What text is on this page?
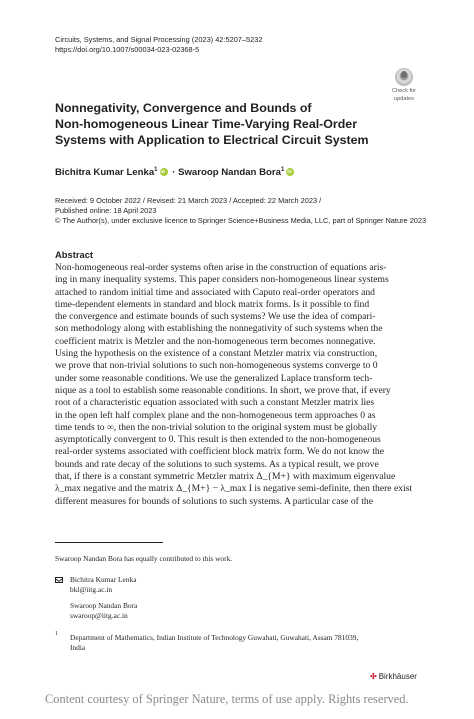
Circuits, Systems, and Signal Processing (2023) 42:5207–5232
https://doi.org/10.1007/s00034-023-02368-5
Check for
updates
Nonnegativity, Convergence and Bounds of
Non-homogeneous Linear Time-Varying Real-Order
Systems with Application to Electrical Circuit System
Bichitra Kumar Lenka$^1$iD · Swaroop Nandan Bora$^1$iD
Received: 9 October 2022 / Revised: 21 March 2023 / Accepted: 22 March 2023 /
Published online: 18 April 2023
© The Author(s), under exclusive licence to Springer Science+Business Media, LLC, part of Springer Nature 2023
Abstract
Non-homogeneous real-order systems often arise in the construction of equations aris-
ing in many inequality systems. This paper considers non-homogeneous linear systems
attached to random initial time and associated with Caputo real-order operators and
time-dependent elements in standard and block matrix forms. Is it possible to find
the convergence and estimate bounds of such systems? We use the idea of compari-
son methodology along with establishing the nonnegativity of such systems when the
coefficient matrix is Metzler and the non-homogeneous term becomes nonnegative.
Using the hypothesis on the existence of a constant Metzler matrix via construction,
we prove that non-trivial solutions to such non-homogeneous systems converge to 0
under some reasonable conditions. We use the generalized Laplace transform tech-
nique as a tool to establish some reasonable conditions. In short, we prove that, if every
root of a characteristic equation associated with such a constant Metzler matrix lies
in the open left half complex plane and the non-homogeneous term approaches 0 as
time tends to ∞, then the non-trivial solution to the original system must be globally
asymptotically convergent to 0. This result is then extended to the non-homogeneous
real-order systems associated with coefficient block matrix form. We do not know the
bounds and rate decay of the solutions to such systems. As a typical result, we prove
that, if there is a constant symmetric Metzler matrix Δ_{M+} with maximum eigenvalue
λ_max negative and the matrix Δ_{M+} − λ_max I is negative semi-definite, then there exist
different measures for bounds of solutions to such systems. A particular case of the
Swaroop Nandan Bora has equally contributed to this work.
Bichitra Kumar Lenka
bkl@iitg.ac.in
Swaroop Nandan Bora
swaroop@iitg.ac.in
1 Department of Mathematics, Indian Institute of Technology Guwahati, Guwahati, Assam 781039,
India
✣ Birkhäuser
Content courtesy of Springer Nature, terms of use apply. Rights reserved.
